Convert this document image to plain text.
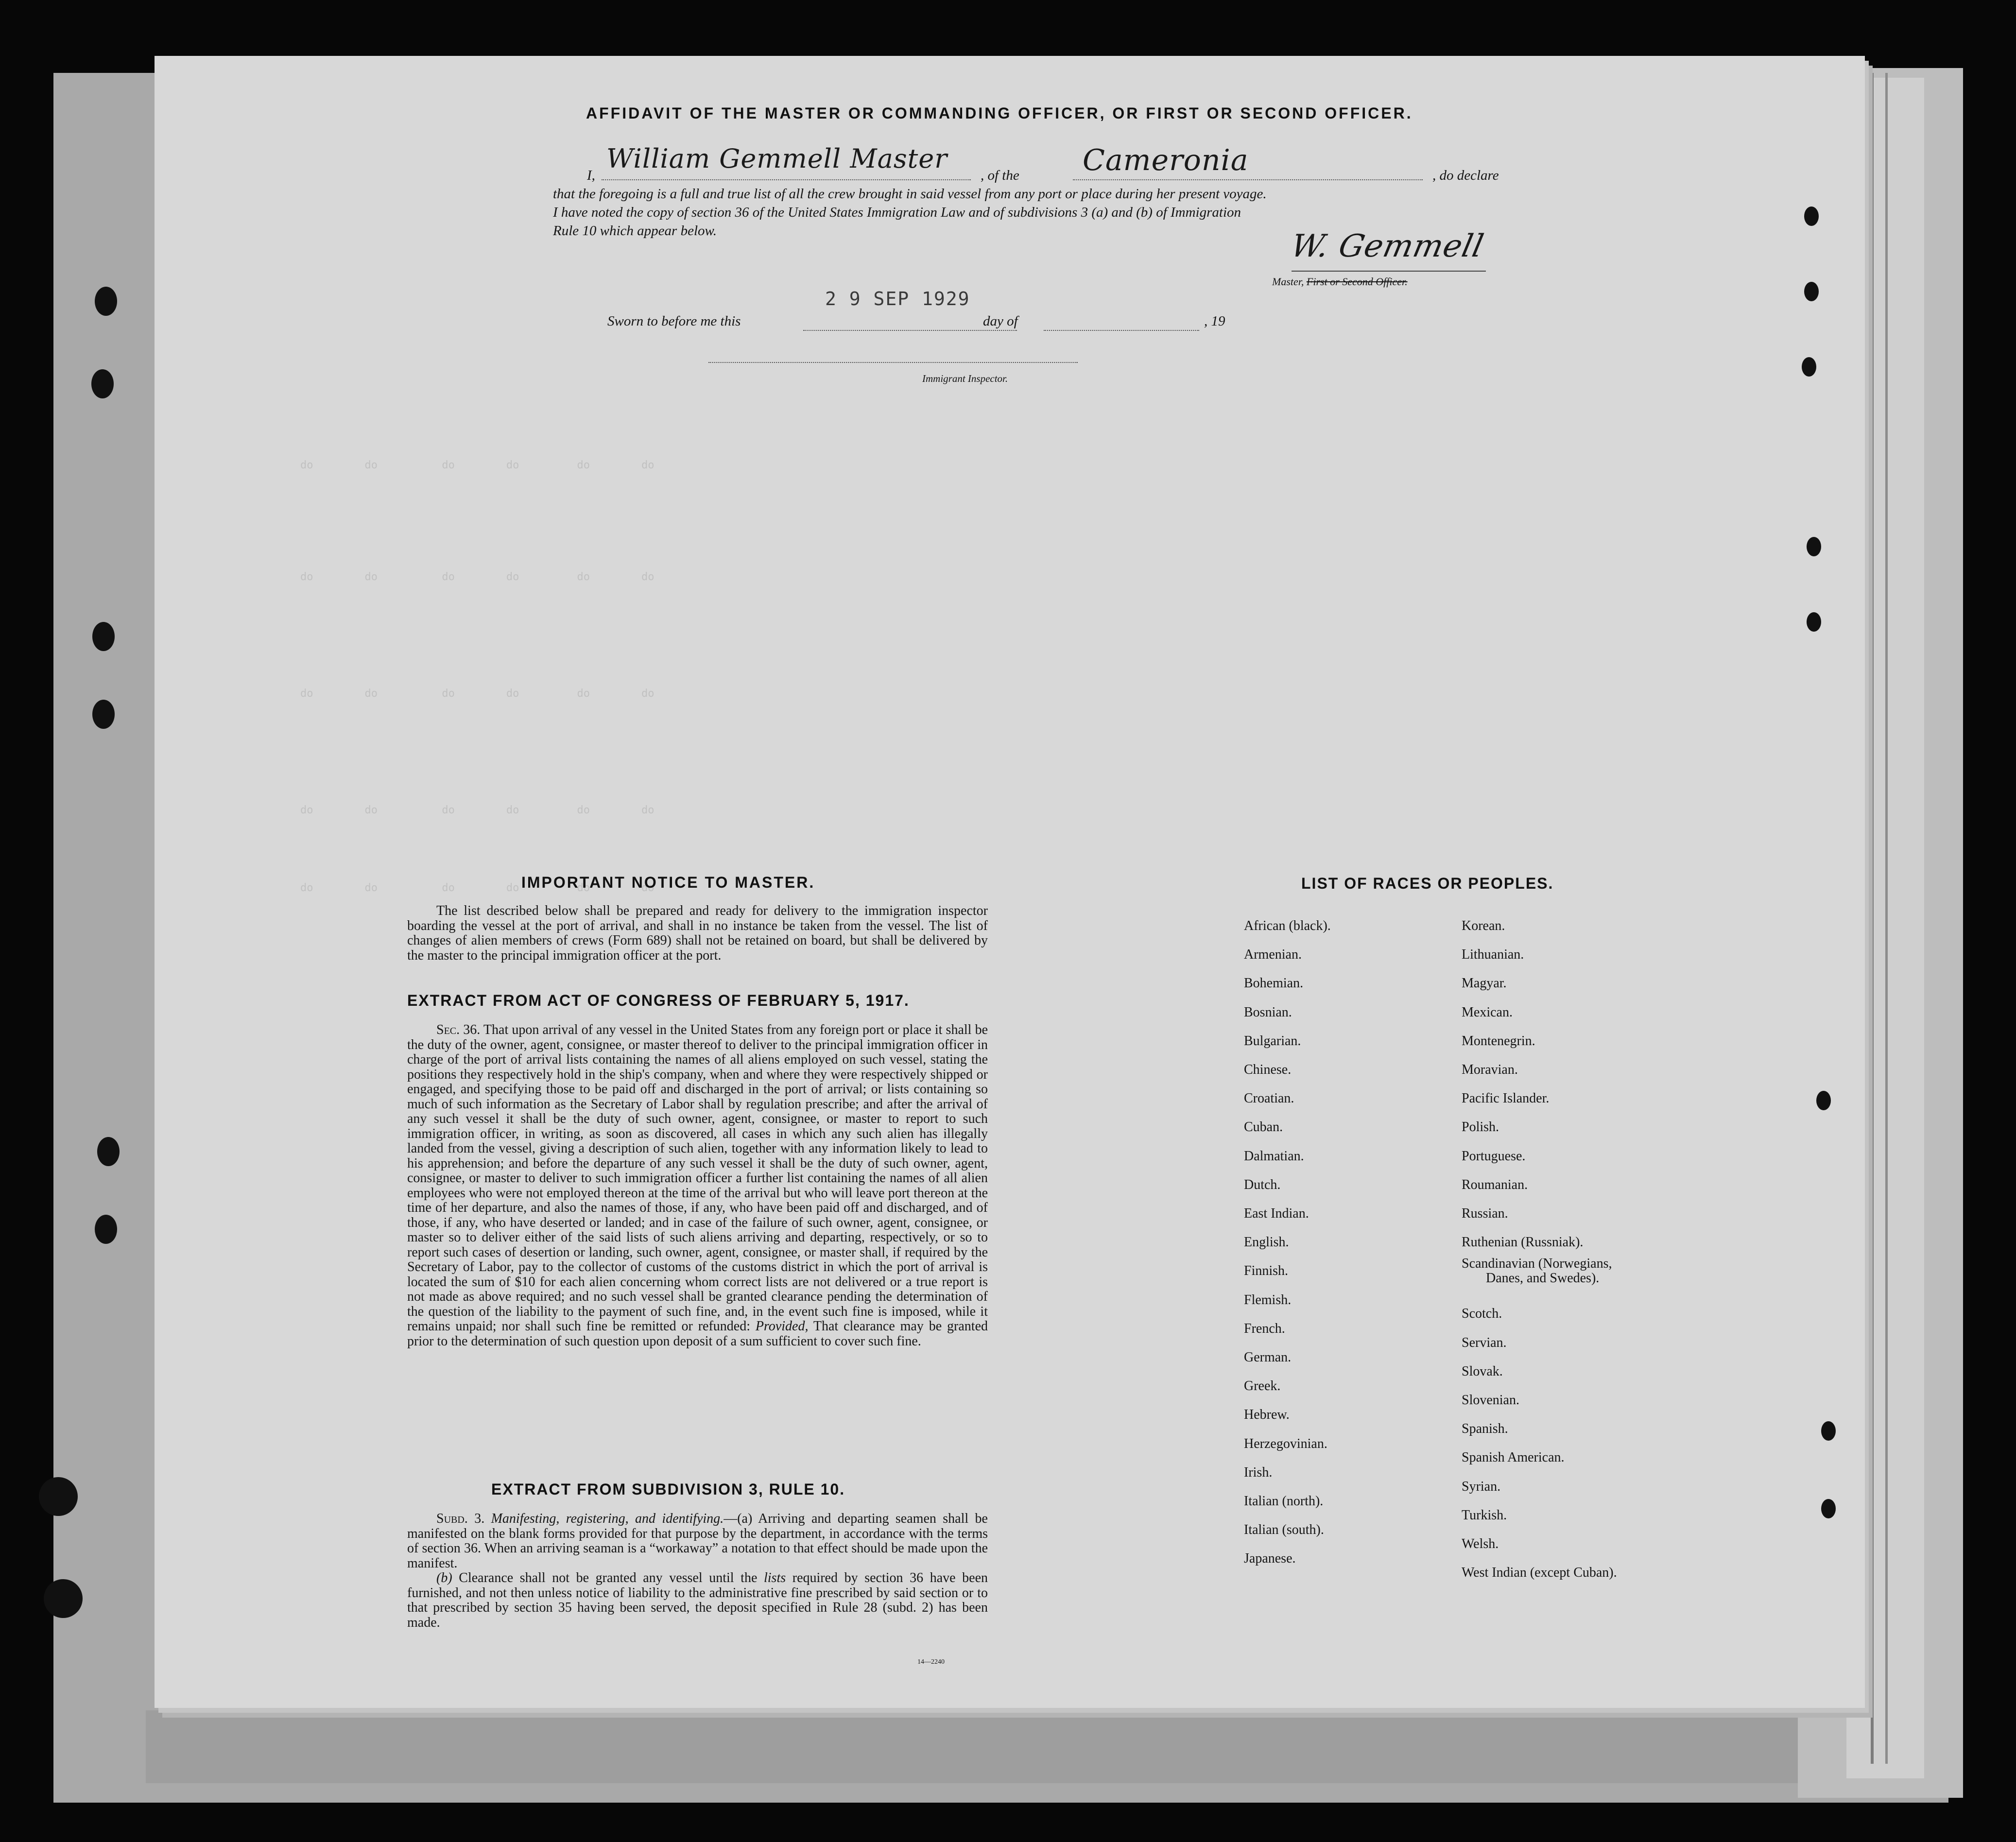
do        do          do        do         do        do
do        do          do        do         do        do
do        do          do        do         do        do
do        do          do        do         do        do
do        do          do        do         do        do
AFFIDAVIT OF THE MASTER OR COMMANDING OFFICER, OR FIRST OR SECOND OFFICER.
I,
William Gemmell Master
, of the Cameronia	, do declare
that the foregoing is a full and true list of all the crew brought in said vessel from any port or place during her present voyage.
I have noted the copy of section 36 of the United States Immigration Law and of subdivisions 3 (a) and (b) of Immigration
Rule 10 which appear below.	W. Gemmell
Master, First or Second Officer.
Sworn to before me this
2 9 SEP 1929
day of	, 19
Immigrant Inspector.
IMPORTANT NOTICE TO MASTER.

The list described below shall be prepared and ready for delivery to the immigration inspector boarding the vessel at the port of arrival, and shall in no instance be taken from the vessel. The list of changes of alien members of crews (Form 689) shall not be retained on board, but shall be delivered by the master to the principal immigration officer at the port.

EXTRACT FROM ACT OF CONGRESS OF FEBRUARY 5, 1917.

Sec. 36. That upon arrival of any vessel in the United States from any foreign port or place it shall be the duty of the owner, agent, consignee, or master thereof to deliver to the principal immigration officer in charge of the port of arrival lists containing the names of all aliens employed on such vessel, stating the positions they respectively hold in the ship's company, when and where they were respectively shipped or engaged, and specifying those to be paid off and discharged in the port of arrival; or lists containing so much of such information as the Secretary of Labor shall by regulation prescribe; and after the arrival of any such vessel it shall be the duty of such owner, agent, consignee, or master to report to such immigration officer, in writing, as soon as discovered, all cases in which any such alien has illegally landed from the vessel, giving a description of such alien, together with any information likely to lead to his apprehension; and before the departure of any such vessel it shall be the duty of such owner, agent, consignee, or master to deliver to such immigration officer a further list containing the names of all alien employees who were not employed thereon at the time of the arrival but who will leave port thereon at the time of her departure, and also the names of those, if any, who have been paid off and discharged, and of those, if any, who have deserted or landed; and in case of the failure of such owner, agent, consignee, or master so to deliver either of the said lists of such aliens arriving and departing, respectively, or so to report such cases of desertion or landing, such owner, agent, consignee, or master shall, if required by the Secretary of Labor, pay to the collector of customs of the customs district in which the port of arrival is located the sum of $10 for each alien concerning whom correct lists are not delivered or a true report is not made as above required; and no such vessel shall be granted clearance pending the determination of the question of the liability to the payment of such fine, and, in the event such fine is imposed, while it remains unpaid; nor shall such fine be remitted or refunded: Provided, That clearance may be granted prior to the determination of such question upon deposit of a sum sufficient to cover such fine.

EXTRACT FROM SUBDIVISION 3, RULE 10.

Subd. 3. Manifesting, registering, and identifying.—(a) Arriving and departing seamen shall be manifested on the blank forms provided for that purpose by the department, in accordance with the terms of section 36. When an arriving seaman is a “workaway” a notation to that effect should be made upon the manifest.

(b) Clearance shall not be granted any vessel until the lists required by section 36 have been furnished, and not then unless notice of liability to the administrative fine prescribed by said section or to that prescribed by section 35 having been served, the deposit specified in Rule 28 (subd. 2) has been made.

14—2240
LIST OF RACES OR PEOPLES.
African (black).
Armenian.
Bohemian.
Bosnian.
Bulgarian.
Chinese.
Croatian.
Cuban.
Dalmatian.
Dutch.
East Indian.
English.
Finnish.
Flemish.
French.
German.
Greek.
Hebrew.
Herzegovinian.
Irish.
Italian (north).
Italian (south).
Japanese.
Korean.
Lithuanian.
Magyar.
Mexican.
Montenegrin.
Moravian.
Pacific Islander.
Polish.
Portuguese.
Roumanian.
Russian.
Ruthenian (Russniak).
Scandinavian (Norwegians,
Danes, and Swedes).
Scotch.
Servian.
Slovak.
Slovenian.
Spanish.
Spanish American.
Syrian.
Turkish.
Welsh.
West Indian (except Cuban).
